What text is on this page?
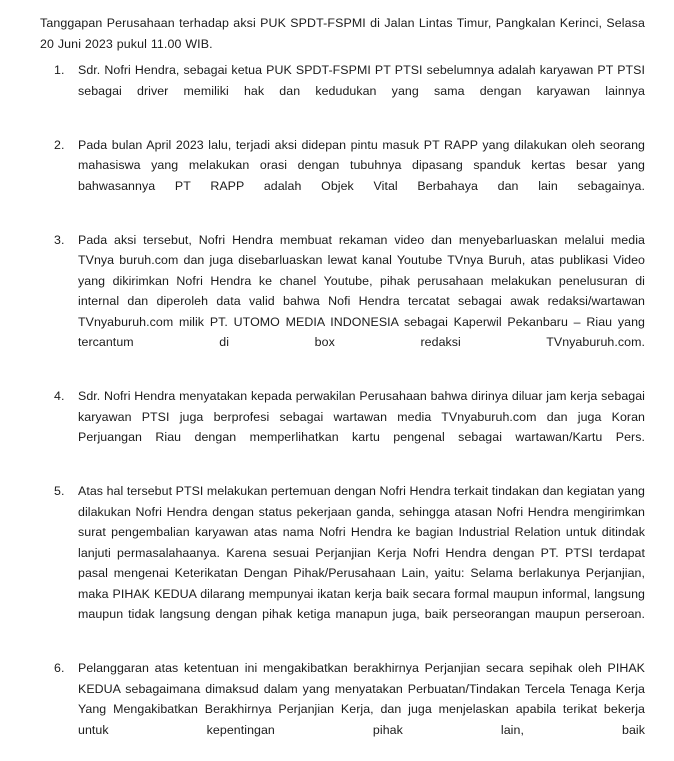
Tanggapan Perusahaan terhadap aksi PUK SPDT-FSPMI di Jalan Lintas Timur, Pangkalan Kerinci, Selasa 20 Juni 2023 pukul 11.00 WIB.

1.	Sdr. Nofri Hendra, sebagai ketua PUK SPDT-FSPMI PT PTSI sebelumnya adalah karyawan PT PTSI sebagai driver memiliki hak dan kedudukan yang sama dengan karyawan lainnya
2.	Pada bulan April 2023 lalu, terjadi aksi didepan pintu masuk PT RAPP yang dilakukan oleh seorang mahasiswa yang melakukan orasi dengan tubuhnya dipasang spanduk kertas besar yang bahwasannya PT RAPP adalah Objek Vital Berbahaya dan lain sebagainya.
3.	Pada aksi tersebut, Nofri Hendra membuat rekaman video dan menyebarluaskan melalui media TVnya buruh.com dan juga disebarluaskan lewat kanal Youtube TVnya Buruh, atas publikasi Video yang dikirimkan Nofri Hendra ke chanel Youtube, pihak perusahaan melakukan penelusuran di internal dan diperoleh data valid bahwa Nofi Hendra tercatat sebagai awak redaksi/wartawan TVnyaburuh.com milik PT. UTOMO MEDIA INDONESIA sebagai Kaperwil Pekanbaru – Riau yang tercantum di box redaksi TVnyaburuh.com.
4.	Sdr. Nofri Hendra menyatakan kepada perwakilan Perusahaan bahwa dirinya diluar jam kerja sebagai karyawan PTSI juga berprofesi sebagai wartawan media TVnyaburuh.com dan juga Koran Perjuangan Riau dengan memperlihatkan kartu pengenal sebagai wartawan/Kartu Pers.
5.	Atas hal tersebut PTSI melakukan pertemuan dengan Nofri Hendra terkait tindakan dan kegiatan yang dilakukan Nofri Hendra dengan status pekerjaan ganda, sehingga atasan Nofri Hendra mengirimkan surat pengembalian karyawan atas nama Nofri Hendra ke bagian Industrial Relation untuk ditindak lanjuti permasalahaanya. Karena sesuai Perjanjian Kerja Nofri Hendra dengan PT. PTSI terdapat pasal mengenai Keterikatan Dengan Pihak/Perusahaan Lain, yaitu: Selama berlakunya Perjanjian, maka PIHAK KEDUA dilarang mempunyai ikatan kerja baik secara formal maupun informal, langsung maupun tidak langsung dengan pihak ketiga manapun juga, baik perseorangan maupun perseroan.
6.	Pelanggaran atas ketentuan ini mengakibatkan berakhirnya Perjanjian secara sepihak oleh PIHAK KEDUA sebagaimana dimaksud dalam yang menyatakan Perbuatan/Tindakan Tercela Tenaga Kerja Yang Mengakibatkan Berakhirnya Perjanjian Kerja, dan juga menjelaskan apabila terikat bekerja untuk kepentingan pihak lain, baik
